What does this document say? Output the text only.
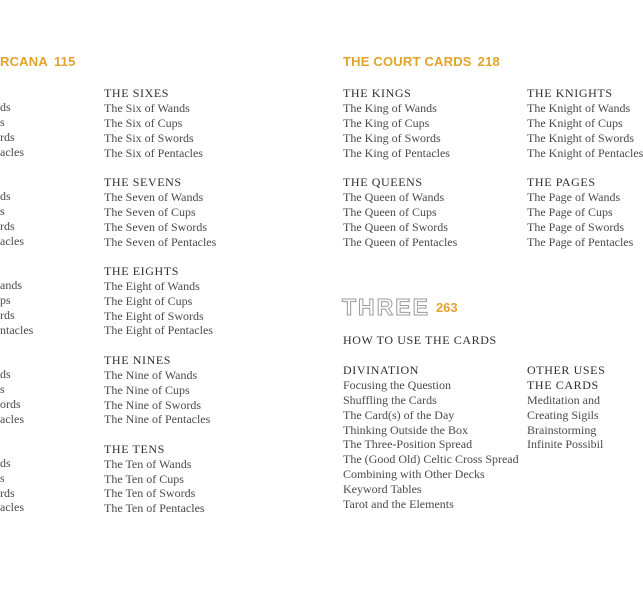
RCANA 115
ds
s
rds
acles
ds
s
rds
acles
ands
ps
rds
ntacles
ds
s
ords
acles
ds
s
rds
acles
THE SIXES
The Six of Wands
The Six of Cups
The Six of Swords
The Six of Pentacles
THE SEVENS
The Seven of Wands
The Seven of Cups
The Seven of Swords
The Seven of Pentacles
THE EIGHTS
The Eight of Wands
The Eight of Cups
The Eight of Swords
The Eight of Pentacles
THE NINES
The Nine of Wands
The Nine of Cups
The Nine of Swords
The Nine of Pentacles
THE TENS
The Ten of Wands
The Ten of Cups
The Ten of Swords
The Ten of Pentacles
THE COURT CARDS 218
THE KINGS
The King of Wands
The King of Cups
The King of Swords
The King of Pentacles
THE QUEENS
The Queen of Wands
The Queen of Cups
The Queen of Swords
The Queen of Pentacles
THE KNIGHTS
The Knight of Wands
The Knight of Cups
The Knight of Swords
The Knight of Pentacles
THE PAGES
The Page of Wands
The Page of Cups
The Page of Swords
The Page of Pentacles
THREE 263
HOW TO USE THE CARDS
DIVINATION
Focusing the Question
Shuffling the Cards
The Card(s) of the Day
Thinking Outside the Box
The Three-Position Spread
The (Good Old) Celtic Cross Spread
Combining with Other Decks
Keyword Tables
Tarot and the Elements
OTHER USES
THE CARDS
Meditation and
Creating Sigils
Brainstorming
Infinite Possibil
